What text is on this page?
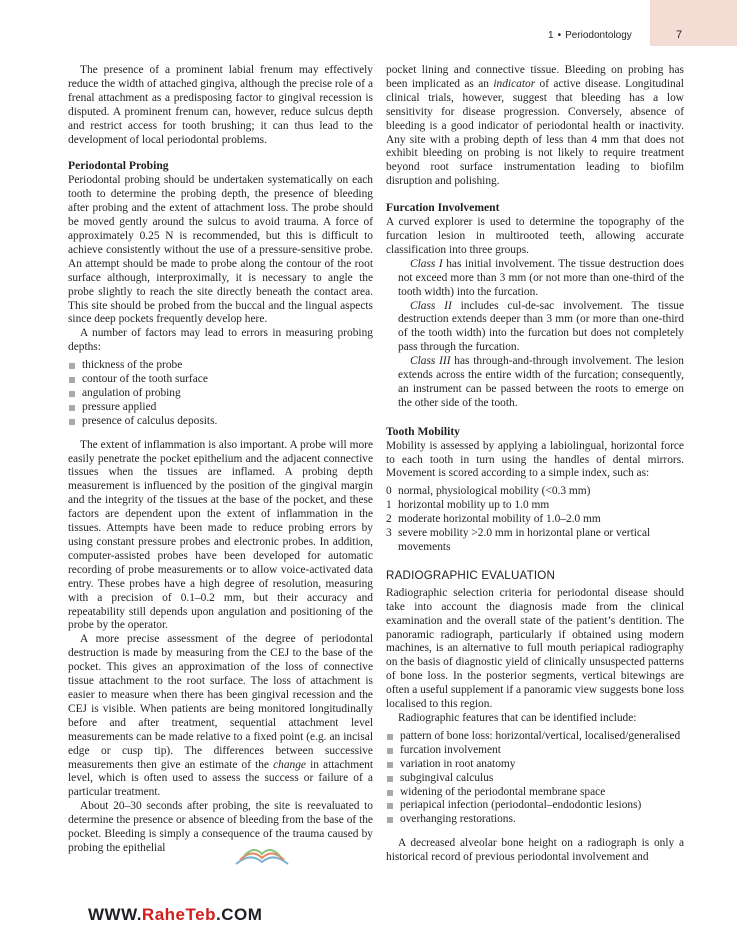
1 • Periodontology	7

The presence of a prominent labial frenum may effectively reduce the width of attached gingiva, although the precise role of a frenal attachment as a predisposing factor to gingival recession is disputed. A prominent frenum can, however, reduce sulcus depth and restrict access for tooth brushing; it can thus lead to the development of local periodontal problems.

Periodontal Probing

Periodontal probing should be undertaken systematically on each tooth to determine the probing depth, the presence of bleeding after probing and the extent of attachment loss. The probe should be moved gently around the sulcus to avoid trauma. A force of approximately 0.25 N is recommended, but this is difficult to achieve consistently without the use of a pressure-sensitive probe. An attempt should be made to probe along the contour of the root surface although, interproximally, it is necessary to angle the probe slightly to reach the site directly beneath the contact area. This site should be probed from the buccal and the lingual aspects since deep pockets frequently develop here.

A number of factors may lead to errors in measuring probing depths:

thickness of the probe
contour of the tooth surface
angulation of probing
pressure applied
presence of calculus deposits.

The extent of inflammation is also important. A probe will more easily penetrate the pocket epithelium and the adjacent connective tissues when the tissues are inflamed. A probing depth measurement is influenced by the position of the gingival margin and the integrity of the tissues at the base of the pocket, and these factors are dependent upon the extent of inflammation in the tissues. Attempts have been made to reduce probing errors by using constant pressure probes and electronic probes. In addition, computer-assisted probes have been developed for automatic recording of probe measurements or to allow voice-activated data entry. These probes have a high degree of resolution, measuring with a precision of 0.1–0.2 mm, but their accuracy and repeatability still depends upon angulation and positioning of the probe by the operator.

A more precise assessment of the degree of periodontal destruction is made by measuring from the CEJ to the base of the pocket. This gives an approximation of the loss of connective tissue attachment to the root surface. The loss of attachment is easier to measure when there has been gingival recession and the CEJ is visible. When patients are being monitored longitudinally before and after treatment, sequential attachment level measurements can be made relative to a fixed point (e.g. an incisal edge or cusp tip). The differences between successive measurements then give an estimate of the change in attachment level, which is often used to assess the success or failure of a particular treatment.

About 20–30 seconds after probing, the site is reevaluated to determine the presence or absence of bleeding from the base of the pocket. Bleeding is simply a consequence of the trauma caused by probing the epithelial

pocket lining and connective tissue. Bleeding on probing has been implicated as an indicator of active disease. Longitudinal clinical trials, however, suggest that bleeding has a low sensitivity for disease progression. Conversely, absence of bleeding is a good indicator of periodontal health or inactivity. Any site with a probing depth of less than 4 mm that does not exhibit bleeding on probing is not likely to require treatment beyond root surface instrumentation leading to biofilm disruption and polishing.

Furcation Involvement

A curved explorer is used to determine the topography of the furcation lesion in multirooted teeth, allowing accurate classification into three groups.

Class I has initial involvement. The tissue destruction does not exceed more than 3 mm (or not more than one-third of the tooth width) into the furcation.

Class II includes cul-de-sac involvement. The tissue destruction extends deeper than 3 mm (or more than one-third of the tooth width) into the furcation but does not completely pass through the furcation.

Class III has through-and-through involvement. The lesion extends across the entire width of the furcation; consequently, an instrument can be passed between the roots to emerge on the other side of the tooth.

Tooth Mobility

Mobility is assessed by applying a labiolingual, horizontal force to each tooth in turn using the handles of dental mirrors. Movement is scored according to a simple index, such as:

0 normal, physiological mobility (<0.3 mm)
1 horizontal mobility up to 1.0 mm
2 moderate horizontal mobility of 1.0–2.0 mm
3 severe mobility >2.0 mm in horizontal plane or vertical movements
RADIOGRAPHIC EVALUATION

Radiographic selection criteria for periodontal disease should take into account the diagnosis made from the clinical examination and the overall state of the patient’s dentition. The panoramic radiograph, particularly if obtained using modern machines, is an alternative to full mouth periapical radiography on the basis of diagnostic yield of clinically unsuspected patterns of bone loss. In the posterior segments, vertical bitewings are often a useful supplement if a panoramic view suggests bone loss localised to this region.

Radiographic features that can be identified include:

pattern of bone loss: horizontal/vertical, localised/generalised
furcation involvement
variation in root anatomy
subgingival calculus
widening of the periodontal membrane space
periapical infection (periodontal–endodontic lesions)
overhanging restorations.

A decreased alveolar bone height on a radiograph is only a historical record of previous periodontal involvement and

WWW.RaheTeb.COM
